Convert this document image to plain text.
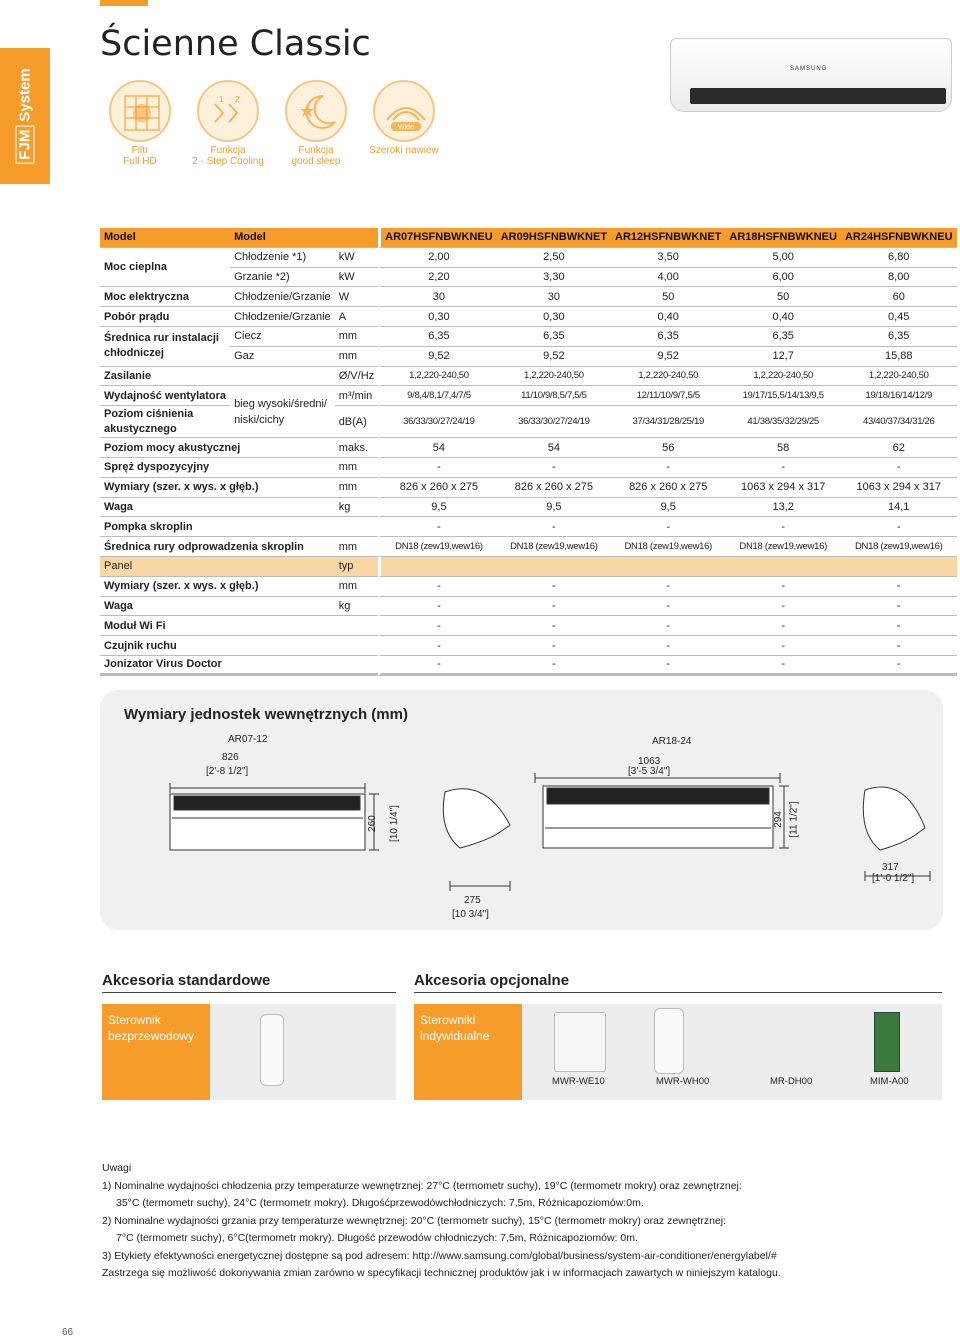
FJMSystem
Ścienne Classic
Filtr
Full HD
1 2
Funkcja
2 - Step Cooling
Funkcja
good sleep
Wide
Szeroki nawiew
SAMSUNG
Model	Model		AR07HSFNBWKNEU	AR09HSFNBWKNET	AR12HSFNBWKNET	AR18HSFNBWKNEU	AR24HSFNBWKNEU
Moc cieplna	Chłodzenie *1)	kW	2,00	2,50	3,50	5,00	6,80
	Grzanie *2)	kW	2,20	3,30	4,00	6,00	8,00
Moc elektryczna	Chłodzenie/Grzanie	W	30	30	50	50	60
Pobór prądu	Chłodzenie/Grzanie	A	0,30	0,30	0,40	0,40	0,45
Średnica rur instalacji
chłodniczej	Ciecz	mm	6,35	6,35	6,35	6,35	6,35
	Gaz	mm	9,52	9,52	9,52	12,7	15,88
Zasilanie		Ø/V/Hz	1,2,220-240,50	1,2,220-240,50	1,2,220-240,50	1,2,220-240,50	1,2,220-240,50
Wydajność wentylatora	bieg wysoki/średni/
niski/cichy	m³/min	9/8,4/8,1/7,4/7/5	11/10/9/8,5/7,5/5	12/11/10/9/7,5/5	19/17/15,5/14/13/9,5	19/18/16/14/12/9
Poziom ciśnienia
akustycznego		dB(A)	36/33/30/27/24/19	36/33/30/27/24/19	37/34/31/28/25/19	41/38/35/32/29/25	43/40/37/34/31/26
Poziom mocy akustycznej		maks.	54	54	56	58	62
Spręż dyspozycyjny		mm	-	-	-	-	-
Wymiary (szer. x wys. x głęb.)		mm	826 x 260 x 275	826 x 260 x 275	826 x 260 x 275	1063 x 294 x 317	1063 x 294 x 317
Waga		kg	9,5	9,5	9,5	13,2	14,1
Pompka skroplin			-	-	-	-	-
Średnica rury odprowadzenia skroplin		mm	DN18 (zew19,wew16)	DN18 (zew19,wew16)	DN18 (zew19,wew16)	DN18 (zew19,wew16)	DN18 (zew19,wew16)
Panel		typ					
Wymiary (szer. x wys. x głęb.)		mm	-	-	-	-	-
Waga		kg	-	-	-	-	-
Moduł Wi Fi			-	-	-	-	-
Czujnik ruchu			-	-	-	-	-
Jonizator Virus Doctor			-	-	-	-	-
Wymiary jednostek wewnętrznych (mm)
AR07-12
826
[2'-8 1/2"]
260 [10 1/4"]
275
[10 3/4"]
AR18-24
1063
[3'-5 3/4"]
294 [11 1/2"]
317
[1'-0 1/2"]
Akcesoria standardowe	Akcesoria opcjonalne
Sterownik
bezprzewodowy
Sterowniki
indywidualne
MWR-WE10	MWR-WH00	MR-DH00	MIM-A00
Uwagi
1) Nominalne wydajności chłodzenia przy temperaturze wewnętrznej: 27°C (termometr suchy), 19°C (termometr mokry) oraz zewnętrznej:
35°C (termometr suchy), 24°C (termometr mokry). Długośćprzewodówchłodniczych: 7,5m, Różnicapoziomów:0m.
2) Nominalne wydajności grzania przy temperaturze wewnętrznej: 20°C (termometr suchy), 15°C (termometr mokry) oraz zewnętrznej:
7°C (termometr suchy), 6°C(termometr mokry). Długość przewodów chłodniczych: 7,5m, Różnicapoziomów: 0m.
3) Etykiety efektywności energetycznej dostępne są pod adresem: http://www.samsung.com/global/business/system-air-conditioner/energylabel/#
Zastrzega się możliwość dokonywania zmian zarówno w specyfikacji technicznej produktów jak i w informacjach zawartych w niniejszym katalogu.
66
